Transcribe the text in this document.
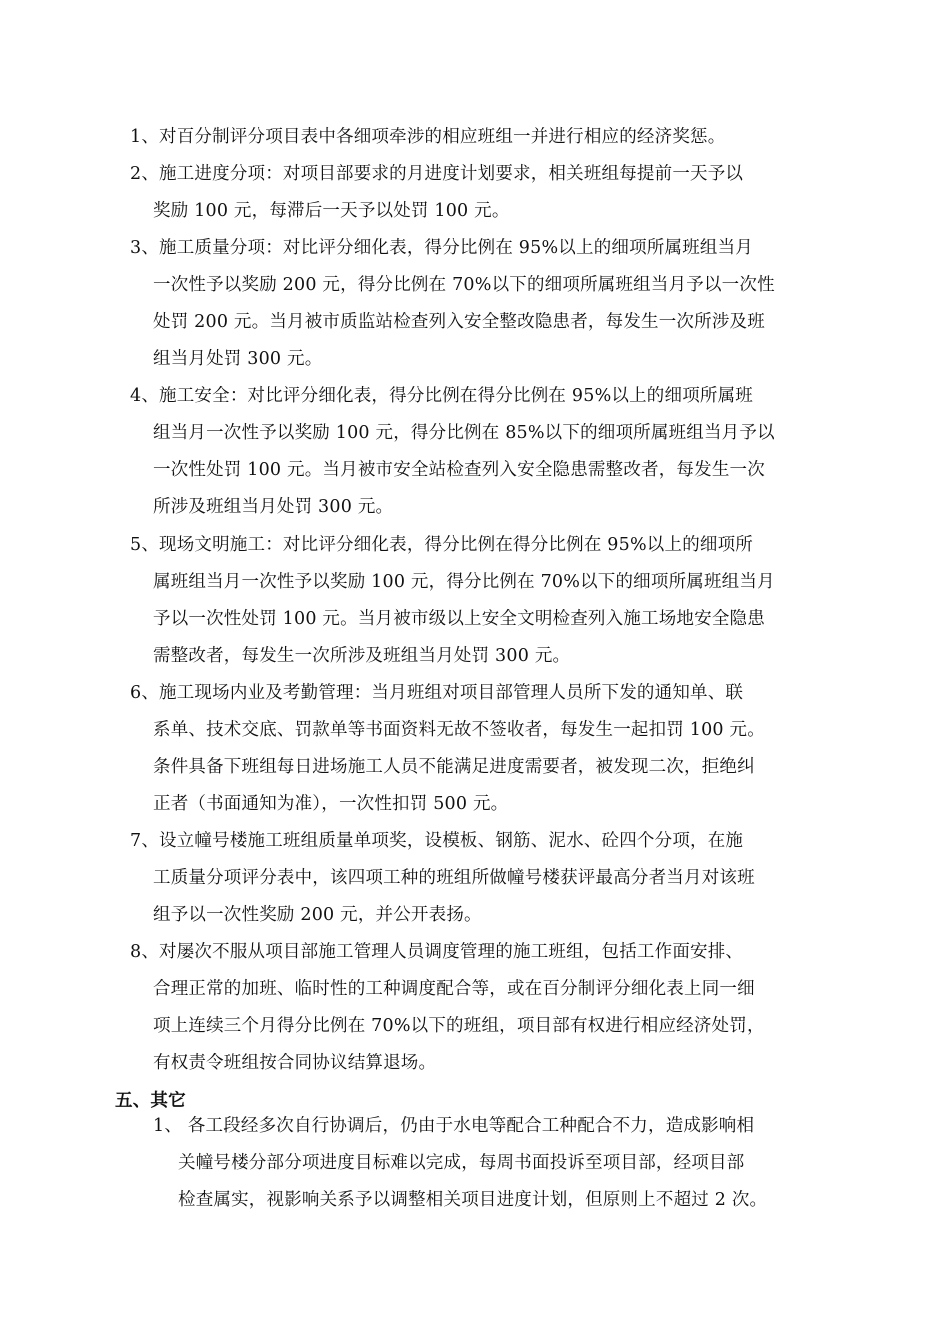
1、对百分制评分项目表中各细项牵涉的相应班组一并进行相应的经济奖惩。
2、施工进度分项：对项目部要求的月进度计划要求，相关班组每提前一天予以
奖励 100 元，每滞后一天予以处罚 100 元。
3、施工质量分项：对比评分细化表，得分比例在 95%以上的细项所属班组当月
一次性予以奖励 200 元，得分比例在 70%以下的细项所属班组当月予以一次性
处罚 200 元。当月被市质监站检查列入安全整改隐患者，每发生一次所涉及班
组当月处罚 300 元。
4、施工安全：对比评分细化表，得分比例在得分比例在 95%以上的细项所属班
组当月一次性予以奖励 100 元，得分比例在 85%以下的细项所属班组当月予以
一次性处罚 100 元。当月被市安全站检查列入安全隐患需整改者，每发生一次
所涉及班组当月处罚 300 元。
5、现场文明施工：对比评分细化表，得分比例在得分比例在 95%以上的细项所
属班组当月一次性予以奖励 100 元，得分比例在 70%以下的细项所属班组当月
予以一次性处罚 100 元。当月被市级以上安全文明检查列入施工场地安全隐患
需整改者，每发生一次所涉及班组当月处罚 300 元。
6、施工现场内业及考勤管理：当月班组对项目部管理人员所下发的通知单、联
系单、技术交底、罚款单等书面资料无故不签收者，每发生一起扣罚 100 元。
条件具备下班组每日进场施工人员不能满足进度需要者，被发现二次，拒绝纠
正者（书面通知为准），一次性扣罚 500 元。
7、设立幢号楼施工班组质量单项奖，设模板、钢筋、泥水、砼四个分项，在施
工质量分项评分表中，该四项工种的班组所做幢号楼获评最高分者当月对该班
组予以一次性奖励 200 元，并公开表扬。
8、对屡次不服从项目部施工管理人员调度管理的施工班组，包括工作面安排、
合理正常的加班、临时性的工种调度配合等，或在百分制评分细化表上同一细
项上连续三个月得分比例在 70%以下的班组，项目部有权进行相应经济处罚，
有权责令班组按合同协议结算退场。
五、其它
1、 各工段经多次自行协调后，仍由于水电等配合工种配合不力，造成影响相
关幢号楼分部分项进度目标难以完成，每周书面投诉至项目部，经项目部
检查属实，视影响关系予以调整相关项目进度计划，但原则上不超过 2 次。
